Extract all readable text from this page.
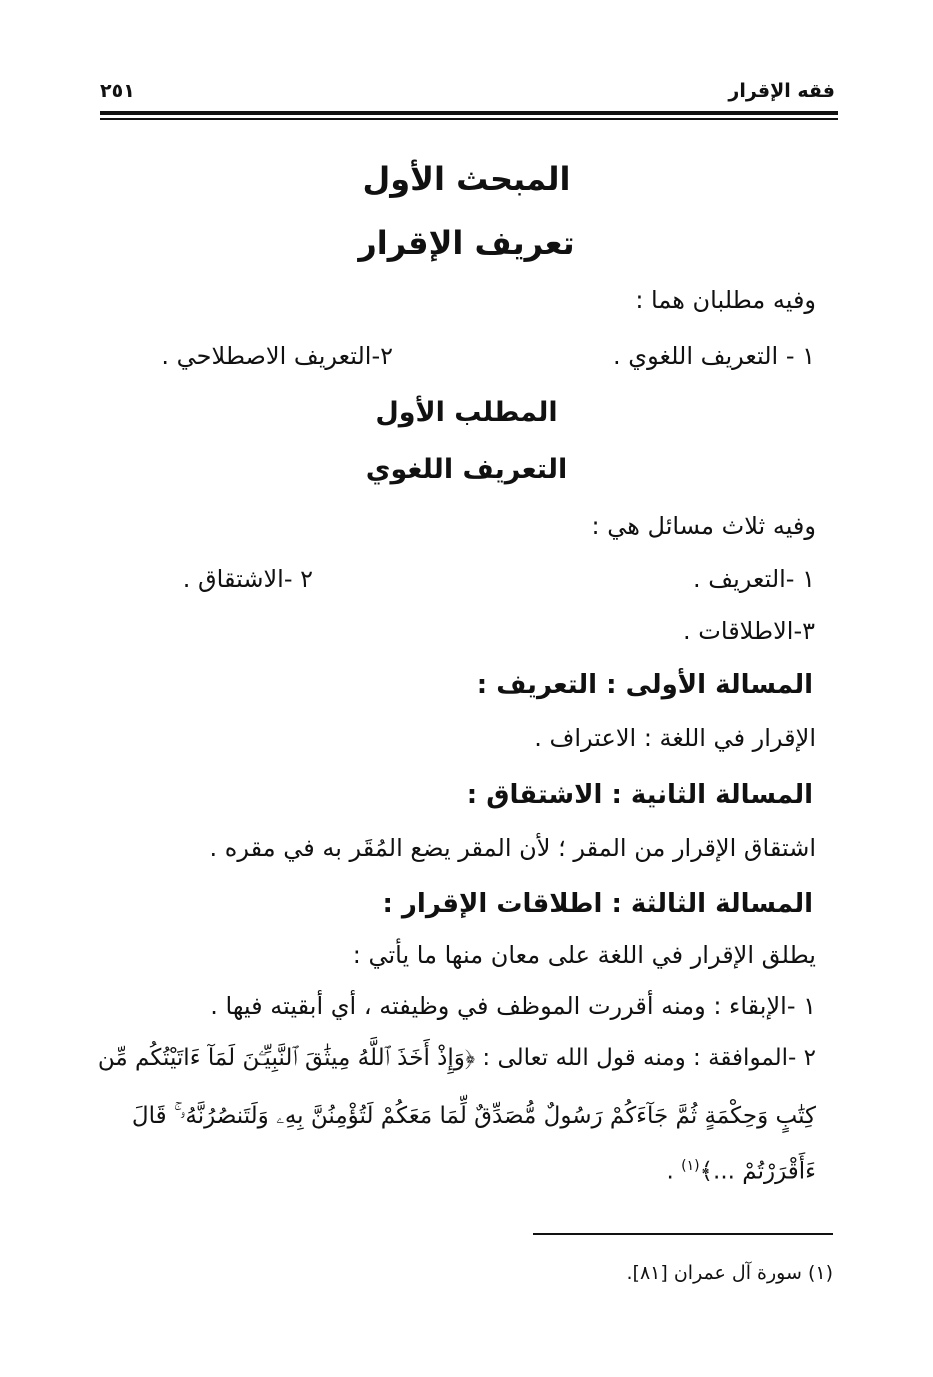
فقه الإقرار
٢٥١
المبحث الأول
تعريف الإقرار
وفيه مطلبان هما :
١ - التعريف اللغوي .
٢-التعريف الاصطلاحي .
المطلب الأول
التعريف اللغوي
وفيه ثلاث مسائل هي :
١ -التعريف .
٢ -الاشتقاق .
٣-الاطلاقات .
المسالة الأولى : التعريف :
الإقرار في اللغة : الاعتراف .
المسالة الثانية : الاشتقاق :
اشتقاق الإقرار من المقر ؛ لأن المقر يضع المُقَر به في مقره .
المسالة الثالثة : اطلاقات الإقرار :
يطلق الإقرار في اللغة على معان منها ما يأتي :
١ -الإبقاء : ومنه أقررت الموظف في وظيفته ، أي أبقيته فيها .
٢ -الموافقة : ومنه قول الله تعالى : ﴿وَإِذْ أَخَذَ ٱللَّهُ مِيثَٰقَ ٱلنَّبِيِّـۧنَ لَمَآ ءَاتَيْتُكُم مِّن
كِتَٰبٍ وَحِكْمَةٍ ثُمَّ جَآءَكُمْ رَسُولٌ مُّصَدِّقٌ لِّمَا مَعَكُمْ لَتُؤْمِنُنَّ بِهِۦ وَلَتَنصُرُنَّهُۥ ۚ قَالَ
ءَأَقْرَرْتُمْ ...﴾$^{(١)}$ .
(١) سورة آل عمران [٨١].
